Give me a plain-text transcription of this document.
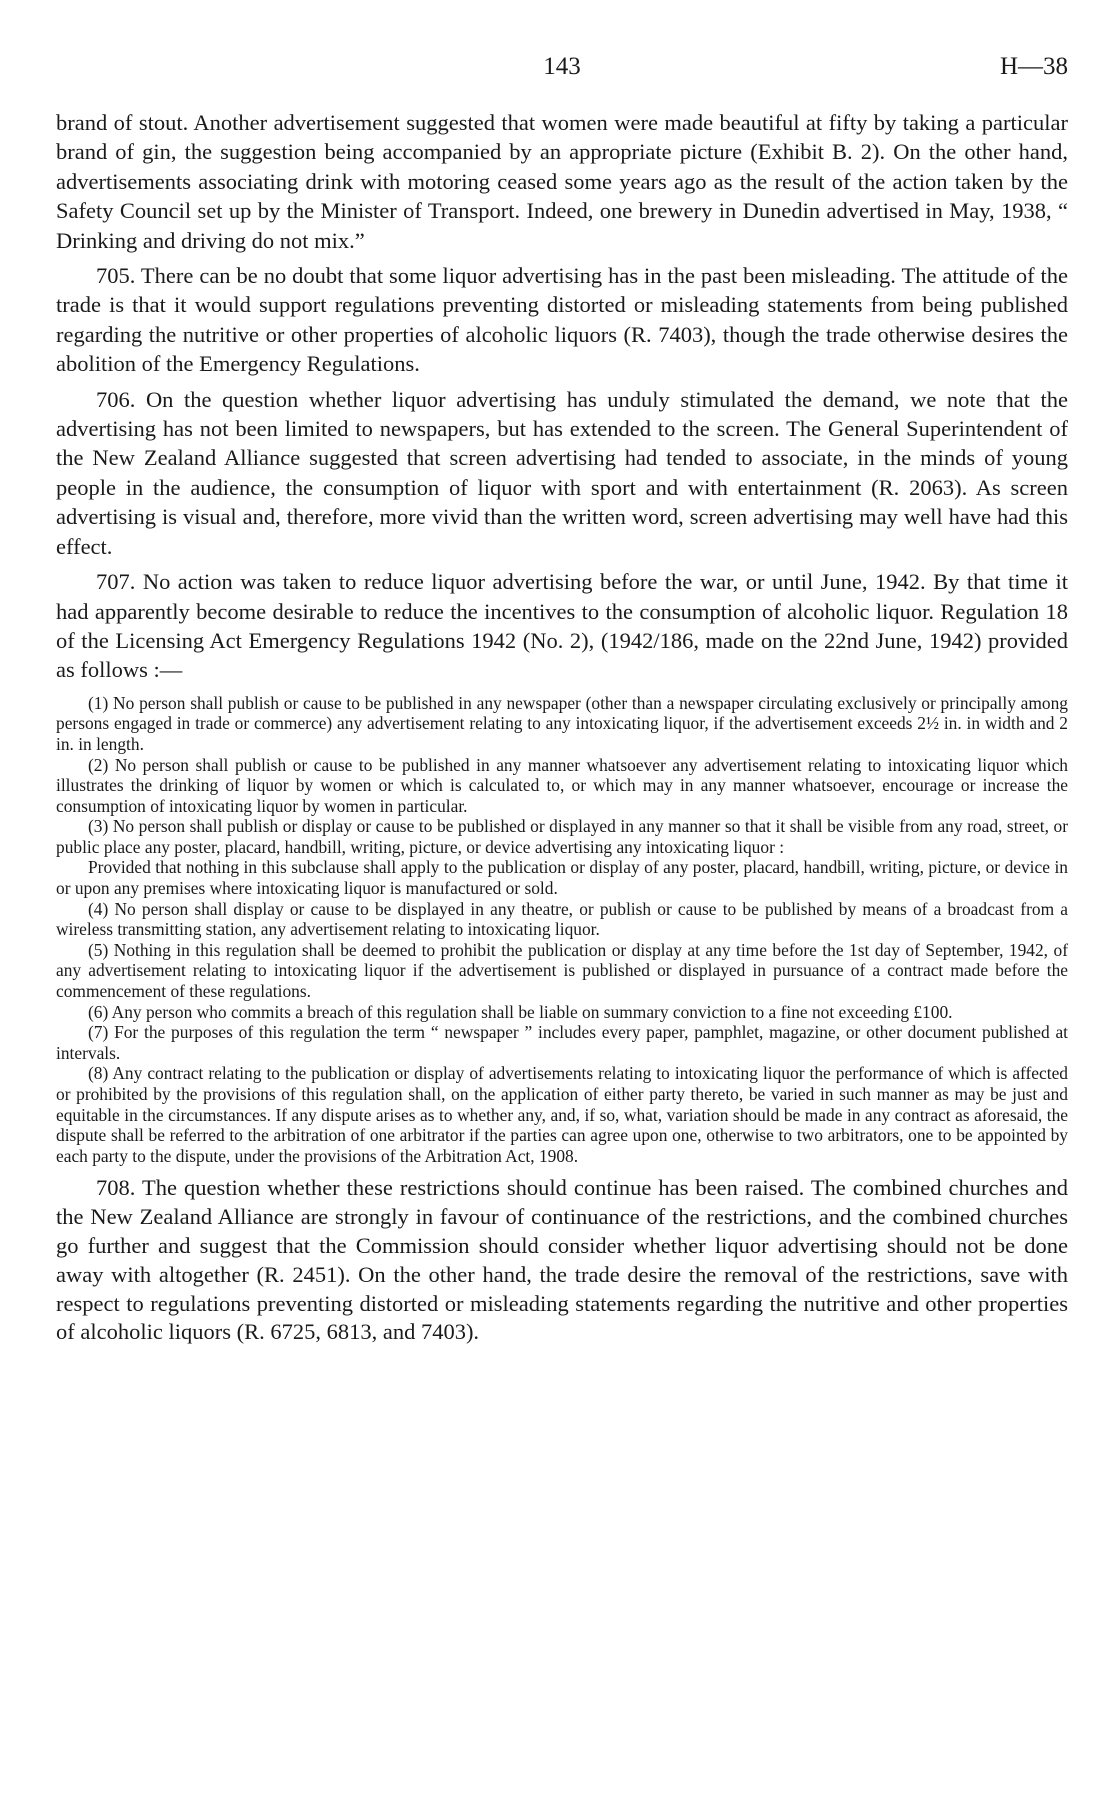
143	H—38

brand of stout. Another advertisement suggested that women were made beautiful at fifty by taking a particular brand of gin, the suggestion being accompanied by an appropriate picture (Exhibit B. 2). On the other hand, advertisements associating drink with motoring ceased some years ago as the result of the action taken by the Safety Council set up by the Minister of Transport. Indeed, one brewery in Dunedin advertised in May, 1938, “ Drinking and driving do not mix.”

705. There can be no doubt that some liquor advertising has in the past been misleading. The attitude of the trade is that it would support regulations preventing distorted or misleading statements from being published regarding the nutritive or other properties of alcoholic liquors (R. 7403), though the trade otherwise desires the abolition of the Emergency Regulations.

706. On the question whether liquor advertising has unduly stimulated the demand, we note that the advertising has not been limited to newspapers, but has extended to the screen. The General Superintendent of the New Zealand Alliance suggested that screen advertising had tended to associate, in the minds of young people in the audience, the consumption of liquor with sport and with entertainment (R. 2063). As screen advertising is visual and, therefore, more vivid than the written word, screen advertising may well have had this effect.

707. No action was taken to reduce liquor advertising before the war, or until June, 1942. By that time it had apparently become desirable to reduce the incentives to the consumption of alcoholic liquor. Regulation 18 of the Licensing Act Emergency Regulations 1942 (No. 2), (1942/186, made on the 22nd June, 1942) provided as follows :—

(1) No person shall publish or cause to be published in any newspaper (other than a newspaper circulating exclusively or principally among persons engaged in trade or commerce) any advertisement relating to any intoxicating liquor, if the advertisement exceeds 2½ in. in width and 2 in. in length.

(2) No person shall publish or cause to be published in any manner whatsoever any advertisement relating to intoxicating liquor which illustrates the drinking of liquor by women or which is calculated to, or which may in any manner whatsoever, encourage or increase the consumption of intoxicating liquor by women in particular.

(3) No person shall publish or display or cause to be published or displayed in any manner so that it shall be visible from any road, street, or public place any poster, placard, handbill, writing, picture, or device advertising any intoxicating liquor :

Provided that nothing in this subclause shall apply to the publication or display of any poster, placard, handbill, writing, picture, or device in or upon any premises where intoxicating liquor is manufactured or sold.

(4) No person shall display or cause to be displayed in any theatre, or publish or cause to be published by means of a broadcast from a wireless transmitting station, any advertisement relating to intoxicating liquor.

(5) Nothing in this regulation shall be deemed to prohibit the publication or display at any time before the 1st day of September, 1942, of any advertisement relating to intoxicating liquor if the advertisement is published or displayed in pursuance of a contract made before the commencement of these regulations.

(6) Any person who commits a breach of this regulation shall be liable on summary conviction to a fine not exceeding £100.

(7) For the purposes of this regulation the term “ newspaper ” includes every paper, pamphlet, magazine, or other document published at intervals.

(8) Any contract relating to the publication or display of advertisements relating to intoxicating liquor the performance of which is affected or prohibited by the provisions of this regulation shall, on the application of either party thereto, be varied in such manner as may be just and equitable in the circumstances. If any dispute arises as to whether any, and, if so, what, variation should be made in any contract as aforesaid, the dispute shall be referred to the arbitration of one arbitrator if the parties can agree upon one, otherwise to two arbitrators, one to be appointed by each party to the dispute, under the provisions of the Arbitration Act, 1908.

708. The question whether these restrictions should continue has been raised. The combined churches and the New Zealand Alliance are strongly in favour of continuance of the restrictions, and the combined churches go further and suggest that the Commission should consider whether liquor advertising should not be done away with altogether (R. 2451). On the other hand, the trade desire the removal of the restrictions, save with respect to regulations preventing distorted or misleading statements regarding the nutritive and other properties of alcoholic liquors (R. 6725, 6813, and 7403).
